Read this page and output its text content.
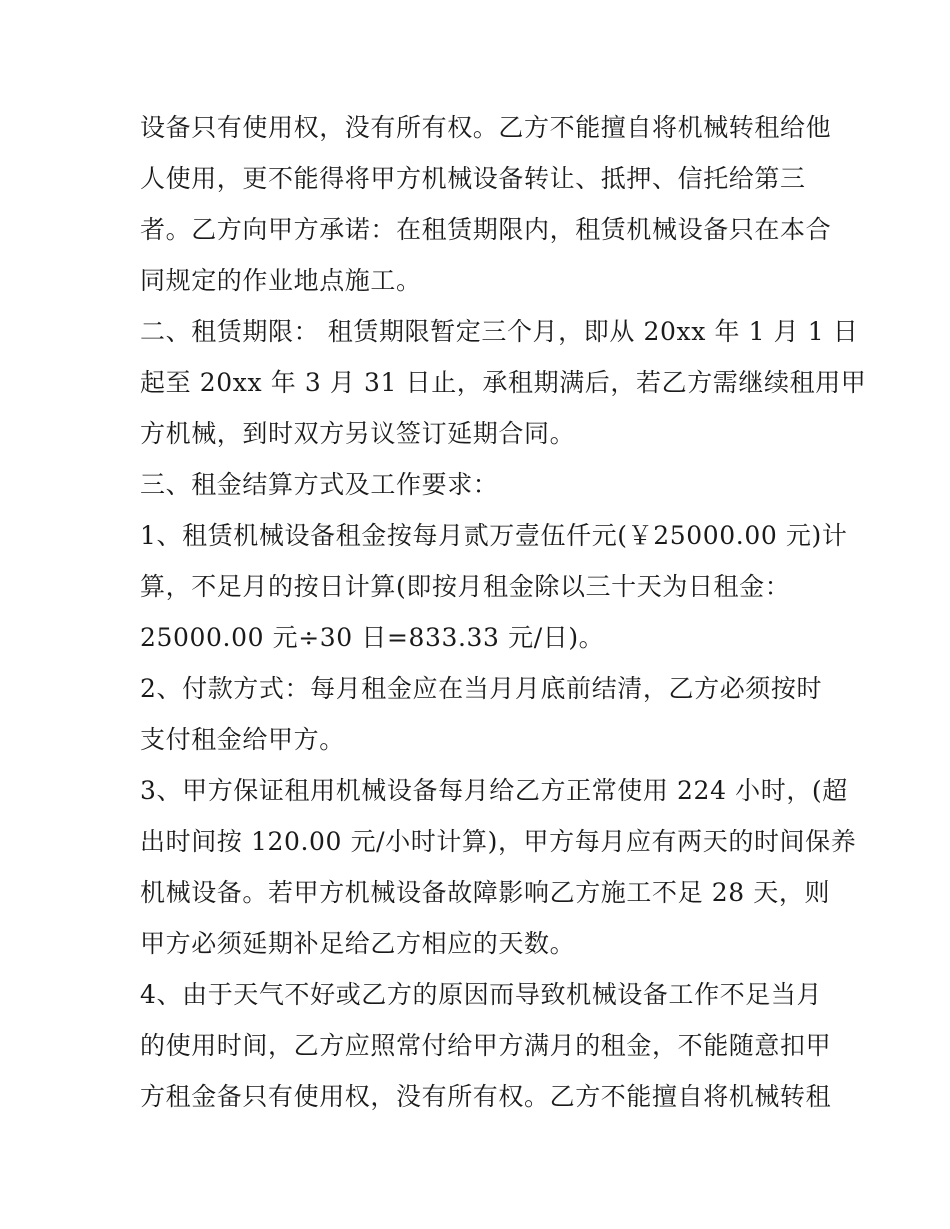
设备只有使用权，没有所有权。乙方不能擅自将机械转租给他
人使用，更不能得将甲方机械设备转让、抵押、信托给第三
者。乙方向甲方承诺：在租赁期限内，租赁机械设备只在本合
同规定的作业地点施工。
二、租赁期限： 租赁期限暂定三个月，即从 20xx 年 1 月 1 日
起至 20xx 年 3 月 31 日止，承租期满后，若乙方需继续租用甲
方机械，到时双方另议签订延期合同。
三、租金结算方式及工作要求：
1、租赁机械设备租金按每月贰万壹伍仟元(￥25000.00 元)计
算，不足月的按日计算(即按月租金除以三十天为日租金：
25000.00 元÷30 日=833.33 元/日)。
2、付款方式：每月租金应在当月月底前结清，乙方必须按时
支付租金给甲方。
3、甲方保证租用机械设备每月给乙方正常使用 224 小时，(超
出时间按 120.00 元/小时计算)，甲方每月应有两天的时间保养
机械设备。若甲方机械设备故障影响乙方施工不足 28 天，则
甲方必须延期补足给乙方相应的天数。
4、由于天气不好或乙方的原因而导致机械设备工作不足当月
的使用时间，乙方应照常付给甲方满月的租金，不能随意扣甲
方租金备只有使用权，没有所有权。乙方不能擅自将机械转租
